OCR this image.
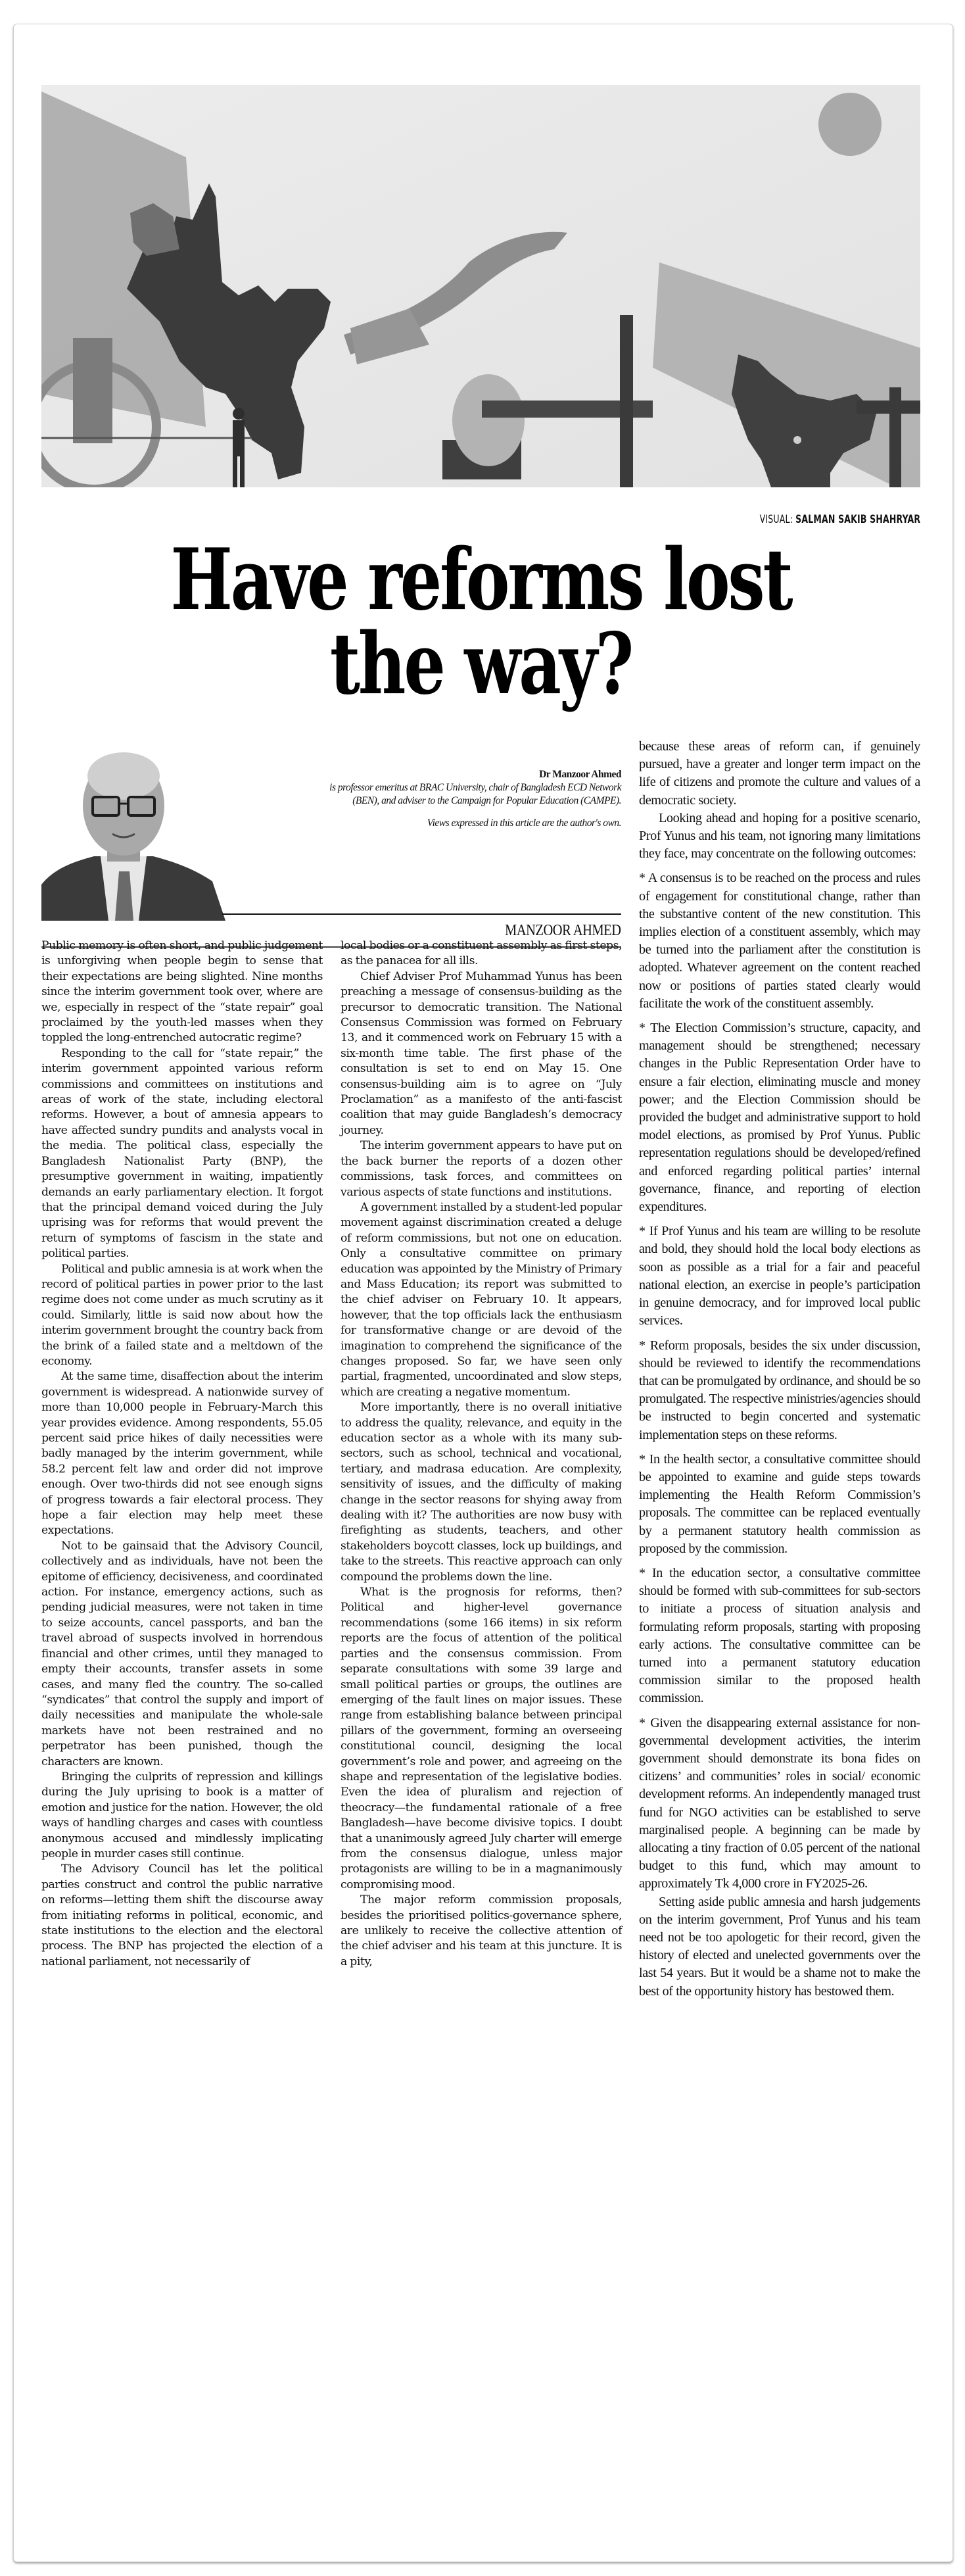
VISUAL: SALMAN SAKIB SHAHRYAR
Have reforms lost
the way?
Dr Manzoor Ahmed
is professor emeritus at BRAC University, chair of Bangladesh ECD Network (BEN), and adviser to the Campaign for Popular Education (CAMPE).
Views expressed in this article are the author's own.
MANZOOR AHMED

Public memory is often short, and public judgement is unforgiving when people begin to sense that their expectations are being slighted. Nine months since the interim government took over, where are we, especially in respect of the “state repair” goal proclaimed by the youth-led masses when they toppled the long-entrenched autocratic regime?

Responding to the call for “state repair,” the interim government appointed various reform commissions and committees on institutions and areas of work of the state, including electoral reforms. However, a bout of amnesia appears to have affected sundry pundits and analysts vocal in the media. The political class, especially the Bangladesh Nationalist Party (BNP), the presumptive government in waiting, impatiently demands an early parliamentary election. It forgot that the principal demand voiced during the July uprising was for reforms that would prevent the return of symptoms of fascism in the state and political parties.

Political and public amnesia is at work when the record of political parties in power prior to the last regime does not come under as much scrutiny as it could. Similarly, little is said now about how the interim government brought the country back from the brink of a failed state and a meltdown of the economy.

At the same time, disaffection about the interim government is widespread. A nationwide survey of more than 10,000 people in February-March this year provides evidence. Among respondents, 55.05 percent said price hikes of daily necessities were badly managed by the interim government, while 58.2 percent felt law and order did not improve enough. Over two-thirds did not see enough signs of progress towards a fair electoral process. They hope a fair election may help meet these expectations.

Not to be gainsaid that the Advisory Council, collectively and as individuals, have not been the epitome of efficiency, decisiveness, and coordinated action. For instance, emergency actions, such as pending judicial measures, were not taken in time to seize accounts, cancel passports, and ban the travel abroad of suspects involved in horrendous financial and other crimes, until they managed to empty their accounts, transfer assets in some cases, and many fled the country. The so-called “syndicates” that control the supply and import of daily necessities and manipulate the whole-sale markets have not been restrained and no perpetrator has been punished, though the characters are known.

Bringing the culprits of repression and killings during the July uprising to book is a matter of emotion and justice for the nation. However, the old ways of handling charges and cases with countless anonymous accused and mindlessly implicating people in murder cases still continue.

The Advisory Council has let the political parties construct and control the public narrative on reforms—letting them shift the discourse away from initiating reforms in political, economic, and state institutions to the election and the electoral process. The BNP has projected the election of a national parliament, not necessarily of

local bodies or a constituent assembly as first steps, as the panacea for all ills.

Chief Adviser Prof Muhammad Yunus has been preaching a message of consensus-building as the precursor to democratic transition. The National Consensus Commission was formed on February 13, and it commenced work on February 15 with a six-month time table. The first phase of the consultation is set to end on May 15. One consensus-building aim is to agree on “July Proclamation” as a manifesto of the anti-fascist coalition that may guide Bangladesh’s democracy journey.

The interim government appears to have put on the back burner the reports of a dozen other commissions, task forces, and committees on various aspects of state functions and institutions.

A government installed by a student-led popular movement against discrimination created a deluge of reform commissions, but not one on education. Only a consultative committee on primary education was appointed by the Ministry of Primary and Mass Education; its report was submitted to the chief adviser on February 10. It appears, however, that the top officials lack the enthusiasm for transformative change or are devoid of the imagination to comprehend the significance of the changes proposed. So far, we have seen only partial, fragmented, uncoordinated and slow steps, which are creating a negative momentum.

More importantly, there is no overall initiative to address the quality, relevance, and equity in the education sector as a whole with its many sub-sectors, such as school, technical and vocational, tertiary, and madrasa education. Are complexity, sensitivity of issues, and the difficulty of making change in the sector reasons for shying away from dealing with it? The authorities are now busy with firefighting as students, teachers, and other stakeholders boycott classes, lock up buildings, and take to the streets. This reactive approach can only compound the problems down the line.

What is the prognosis for reforms, then? Political and higher-level governance recommendations (some 166 items) in six reform reports are the focus of attention of the political parties and the consensus commission. From separate consultations with some 39 large and small political parties or groups, the outlines are emerging of the fault lines on major issues. These range from establishing balance between principal pillars of the government, forming an overseeing constitutional council, designing the local government’s role and power, and agreeing on the shape and representation of the legislative bodies. Even the idea of pluralism and rejection of theocracy—the fundamental rationale of a free Bangladesh—have become divisive topics. I doubt that a unanimously agreed July charter will emerge from the consensus dialogue, unless major protagonists are willing to be in a magnanimously compromising mood.

The major reform commission proposals, besides the prioritised politics-governance sphere, are unlikely to receive the collective attention of the chief adviser and his team at this juncture. It is a pity,

because these areas of reform can, if genuinely pursued, have a greater and longer term impact on the life of citizens and promote the culture and values of a democratic society.

Looking ahead and hoping for a positive scenario, Prof Yunus and his team, not ignoring many limitations they face, may concentrate on the following outcomes:

* A consensus is to be reached on the process and rules of engagement for constitutional change, rather than the substantive content of the new constitution. This implies election of a constituent assembly, which may be turned into the parliament after the constitution is adopted. Whatever agreement on the content reached now or positions of parties stated clearly would facilitate the work of the constituent assembly.

* The Election Commission’s structure, capacity, and management should be strengthened; necessary changes in the Public Representation Order have to ensure a fair election, eliminating muscle and money power; and the Election Commission should be provided the budget and administrative support to hold model elections, as promised by Prof Yunus. Public representation regulations should be developed/refined and enforced regarding political parties’ internal governance, finance, and reporting of election expenditures.

* If Prof Yunus and his team are willing to be resolute and bold, they should hold the local body elections as soon as possible as a trial for a fair and peaceful national election, an exercise in people’s participation in genuine democracy, and for improved local public services.

* Reform proposals, besides the six under discussion, should be reviewed to identify the recommendations that can be promulgated by ordinance, and should be so promulgated. The respective ministries/agencies should be instructed to begin concerted and systematic implementation steps on these reforms.

* In the health sector, a consultative committee should be appointed to examine and guide steps towards implementing the Health Reform Commission’s proposals. The committee can be replaced eventually by a permanent statutory health commission as proposed by the commission.

* In the education sector, a consultative committee should be formed with sub-committees for sub-sectors to initiate a process of situation analysis and formulating reform proposals, starting with proposing early actions. The consultative committee can be turned into a permanent statutory education commission similar to the proposed health commission.

* Given the disappearing external assistance for non-governmental development activities, the interim government should demonstrate its bona fides on citizens’ and communities’ roles in social/ economic development reforms. An independently managed trust fund for NGO activities can be established to serve marginalised people. A beginning can be made by allocating a tiny fraction of 0.05 percent of the national budget to this fund, which may amount to approximately Tk 4,000 crore in FY2025-26.

Setting aside public amnesia and harsh judgements on the interim government, Prof Yunus and his team need not be too apologetic for their record, given the history of elected and unelected governments over the last 54 years. But it would be a shame not to make the best of the opportunity history has bestowed them.
